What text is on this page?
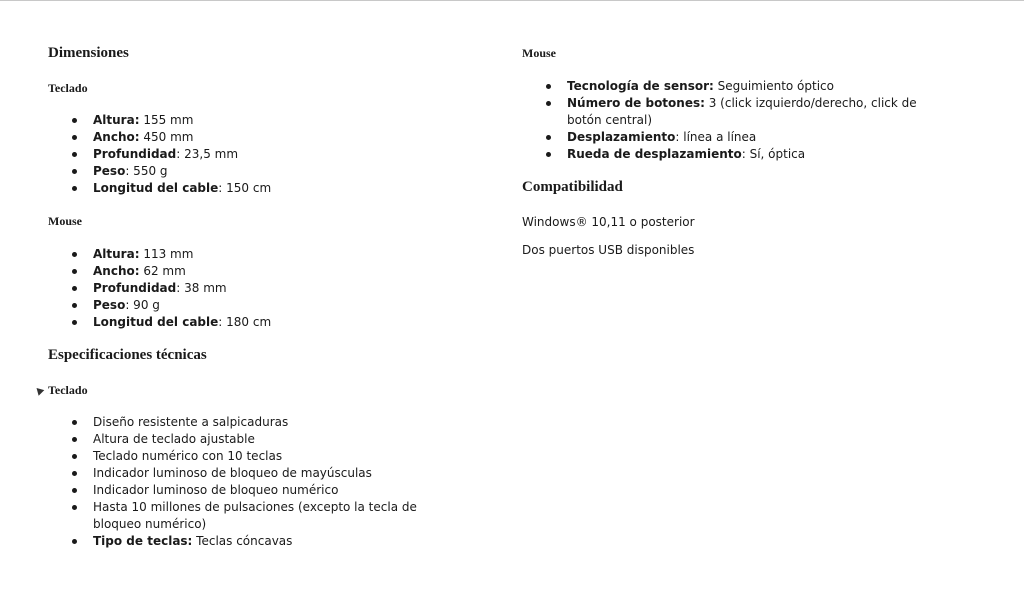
Dimensiones
Teclado
Altura: 155 mm
Ancho: 450 mm
Profundidad: 23,5 mm
Peso: 550 g
Longitud del cable: 150 cm
Mouse
Altura: 113 mm
Ancho: 62 mm
Profundidad: 38 mm
Peso: 90 g
Longitud del cable: 180 cm
Especificaciones técnicas
Teclado
Diseño resistente a salpicaduras
Altura de teclado ajustable
Teclado numérico con 10 teclas
Indicador luminoso de bloqueo de mayúsculas
Indicador luminoso de bloqueo numérico
Hasta 10 millones de pulsaciones (excepto la tecla de bloqueo numérico)
Tipo de teclas: Teclas cóncavas
Mouse
Tecnología de sensor: Seguimiento óptico
Número de botones: 3 (click izquierdo/derecho, click de botón central)
Desplazamiento: línea a línea
Rueda de desplazamiento: Sí, óptica
Compatibilidad

Windows® 10,11 o posterior

Dos puertos USB disponibles
